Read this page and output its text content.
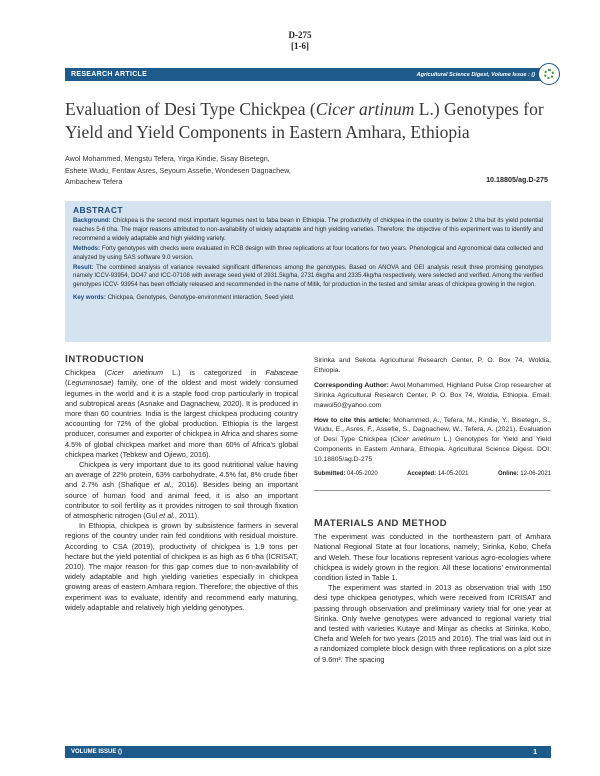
D-275
[1-6]
RESEARCH ARTICLE	Agricultural Science Digest, Volume Issue : ()
Evaluation of Desi Type Chickpea (Cicer artinum L.) Genotypes for Yield and Yield Components in Eastern Amhara, Ethiopia
Awol Mohammed, Mengstu Tefera, Yirga Kindie, Sisay Bisetegn,
Eshete Wudu, Fentaw Asres, Seyoum Assefie, Wondesen Dagnachew,
Ambachew Tefera	10.18805/ag.D-275
ABSTRACT

Background: Chickpea is the second most important legumes next to faba bean in Ethiopia. The productivity of chickpea in the country is below 2 t/ha but its yield potential reaches 5-6 t/ha. The major reasons attributed to non-availability of widely adaptable and high yielding varieties. Therefore; the objective of this experiment was to identify and recommend a widely adaptable and high yielding variety.

Methods: Forty genotypes with checks were evaluated in RCB design with three replications at four locations for two years. Phenological and Agronomical data collected and analyzed by using SAS software 9.0 version.

Result: The combined analysis of variance revealed significant differences among the genotypes. Based on ANOVA and GEI analysis result three promising genotypes namely ICCV-93954, DO47 and ICC-07108 with average seed yield of 2931.5kg/ha, 2731.6kg/ha and 2335.4kg/ha respectively, were selected and verified. Among the verified genotypes ICCV- 93954 has been officially released and recommended in the name of Mitik, for production in the tested and similar areas of chickpea growing in the region.

Key words: Chickpea, Genotypes, Genotype-environment interaction, Seed yield.

INTRODUCTION

Chickpea (Cicer arietinum L.) is categorized in Fabaceae (Leguminosae) family, one of the oldest and most widely consumed legumes in the world and it is a staple food crop particularly in tropical and subtropical areas (Asnake and Dagnachew, 2020). It is produced in more than 60 countries. India is the largest chickpea producing country accounting for 72% of the global production. Ethiopia is the largest producer, consumer and exporter of chickpea in Africa and shares some 4.5% of global chickpea market and more than 60% of Africa's global chickpea market (Tebkew and Ojiewo, 2016).

Chickpea is very important due to its good nutritional value having an average of 22% protein, 63% carbohydrate, 4.5% fat, 8% crude fiber and 2.7% ash (Shafique et al., 2016). Besides being an important source of human food and animal feed, it is also an important contributor to soil fertility as it provides nitrogen to soil through fixation of atmospheric nitrogen (Gul et al., 2011).

In Ethiopia, chickpea is grown by subsistence farmers in several regions of the country under rain fed conditions with residual moisture. According to CSA (2019), productivity of chickpea is 1.9 tons per hectare but the yield potential of chickpea is as high as 6 t/ha (ICRISAT, 2010). The major reason for this gap comes due to non-availability of widely adaptable and high yielding varieties especially in chickpea growing areas of eastern Amhara region. Therefore; the objective of this experiment was to evaluate, identify and recommend early maturing, widely adaptable and relatively high yielding genotypes.

Sirinka and Sekota Agricultural Research Center, P. O. Box 74, Woldia, Ethiopia.

Corresponding Author: Awol Mohammed, Highland Pulse Crop researcher at Sirinka Agricultural Research Center, P. O. Box 74, Woldia, Ethiopia. Email: mawol50@yahoo.com

How to cite this article: Mohammed, A., Tefera, M., Kindie, Y., Bisetegn, S., Wudu, E., Asres, F., Assefie, S., Dagnachew, W., Tefera, A. (2021). Evaluation of Desi Type Chickpea (Cicer arietinum L.) Genotypes for Yield and Yield Components in Eastern Amhara, Ethiopia. Agricultural Science Digest. DOI: 10.18805/ag.D-275

Submitted: 04-05-2020	Accepted: 14-05-2021	Online: 12-06-2021
MATERIALS AND METHOD

The experiment was conducted in the northeastern part of Amhara National Regional State at four locations, namely; Sirinka, Kobo, Chefa and Weleh. These four locations represent various agro-ecologies where chickpea is widely grown in the region. All these locations' environmental condition listed in Table 1.

The experiment was started in 2013 as observation trial with 150 desi type chickpea genotypes, which were received from ICRISAT and passing through observation and preliminary variety trial for one year at Sirinka. Only twelve genotypes were advanced to regional variety trial and tested with varieties Kutaye and Minjar as checks at Sirinka, Kobo, Chefa and Weleh for two years (2015 and 2016). The trial was laid out in a randomized complete block design with three replications on a plot size of 9.6m². The spacing

VOLUME ISSUE ()	1
